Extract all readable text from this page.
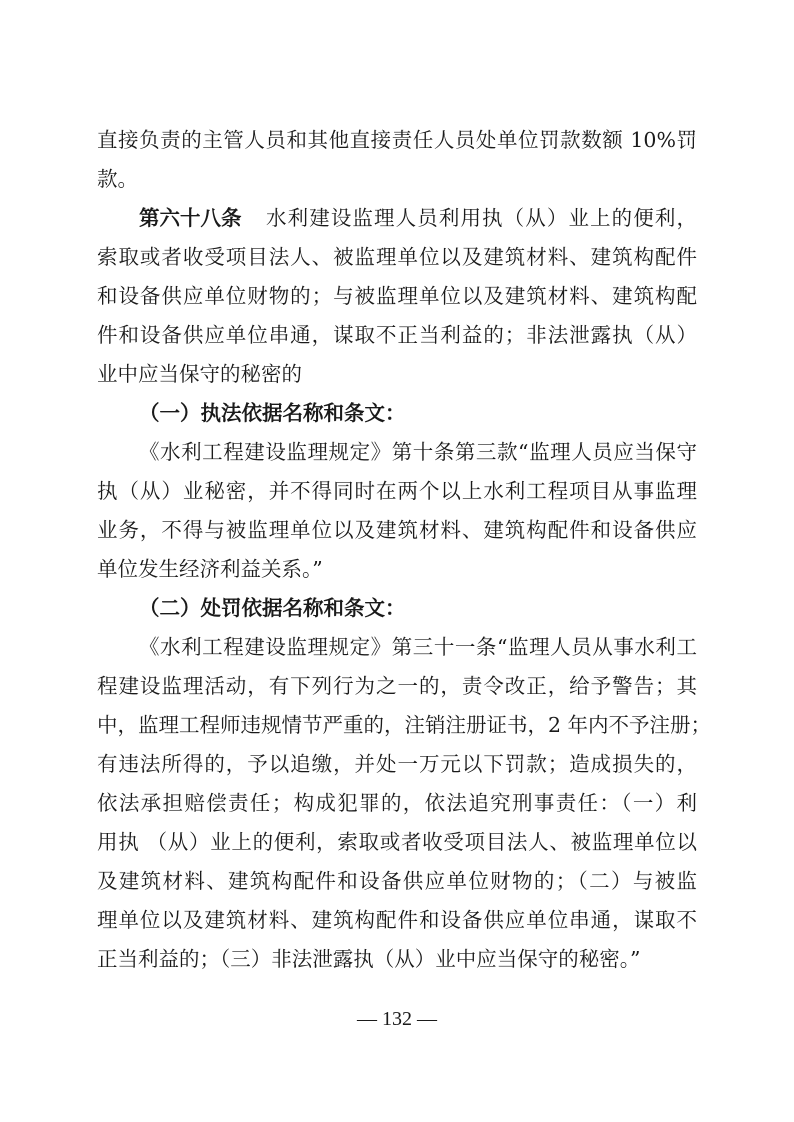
直接负责的主管人员和其他直接责任人员处单位罚款数额 10%罚
款。
第六十八条 水利建设监理人员利用执（从）业上的便利，
索取或者收受项目法人、被监理单位以及建筑材料、建筑构配件
和设备供应单位财物的；与被监理单位以及建筑材料、建筑构配
件和设备供应单位串通，谋取不正当利益的；非法泄露执（从）
业中应当保守的秘密的
（一）执法依据名称和条文：
《水利工程建设监理规定》第十条第三款“监理人员应当保守
执（从）业秘密，并不得同时在两个以上水利工程项目从事监理
业务，不得与被监理单位以及建筑材料、建筑构配件和设备供应
单位发生经济利益关系。”
（二）处罚依据名称和条文：
《水利工程建设监理规定》第三十一条“监理人员从事水利工
程建设监理活动，有下列行为之一的，责令改正，给予警告；其
中，监理工程师违规情节严重的，注销注册证书，2 年内不予注册；
有违法所得的，予以追缴，并处一万元以下罚款；造成损失的，
依法承担赔偿责任；构成犯罪的，依法追究刑事责任：（一）利
用执 （从）业上的便利，索取或者收受项目法人、被监理单位以
及建筑材料、建筑构配件和设备供应单位财物的；（二）与被监
理单位以及建筑材料、建筑构配件和设备供应单位串通，谋取不
正当利益的；（三）非法泄露执（从）业中应当保守的秘密。”
— 132 —
